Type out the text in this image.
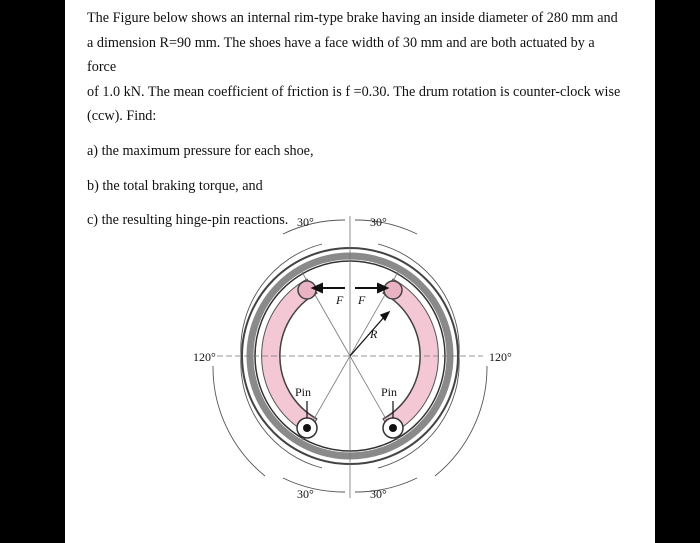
The Figure below shows an internal rim-type brake having an inside diameter of 280 mm and
a dimension R=90 mm. The shoes have a face width of 30 mm and are both actuated by a force
of 1.0 kN. The mean coefficient of friction is f =0.30. The drum rotation is counter-clock wise
(ccw). Find:

a) the maximum pressure for each shoe,

b) the total braking torque, and

c) the resulting hinge-pin reactions. 30°	30°
120°	120°
30°	30°
F F
R
Pin	Pin
